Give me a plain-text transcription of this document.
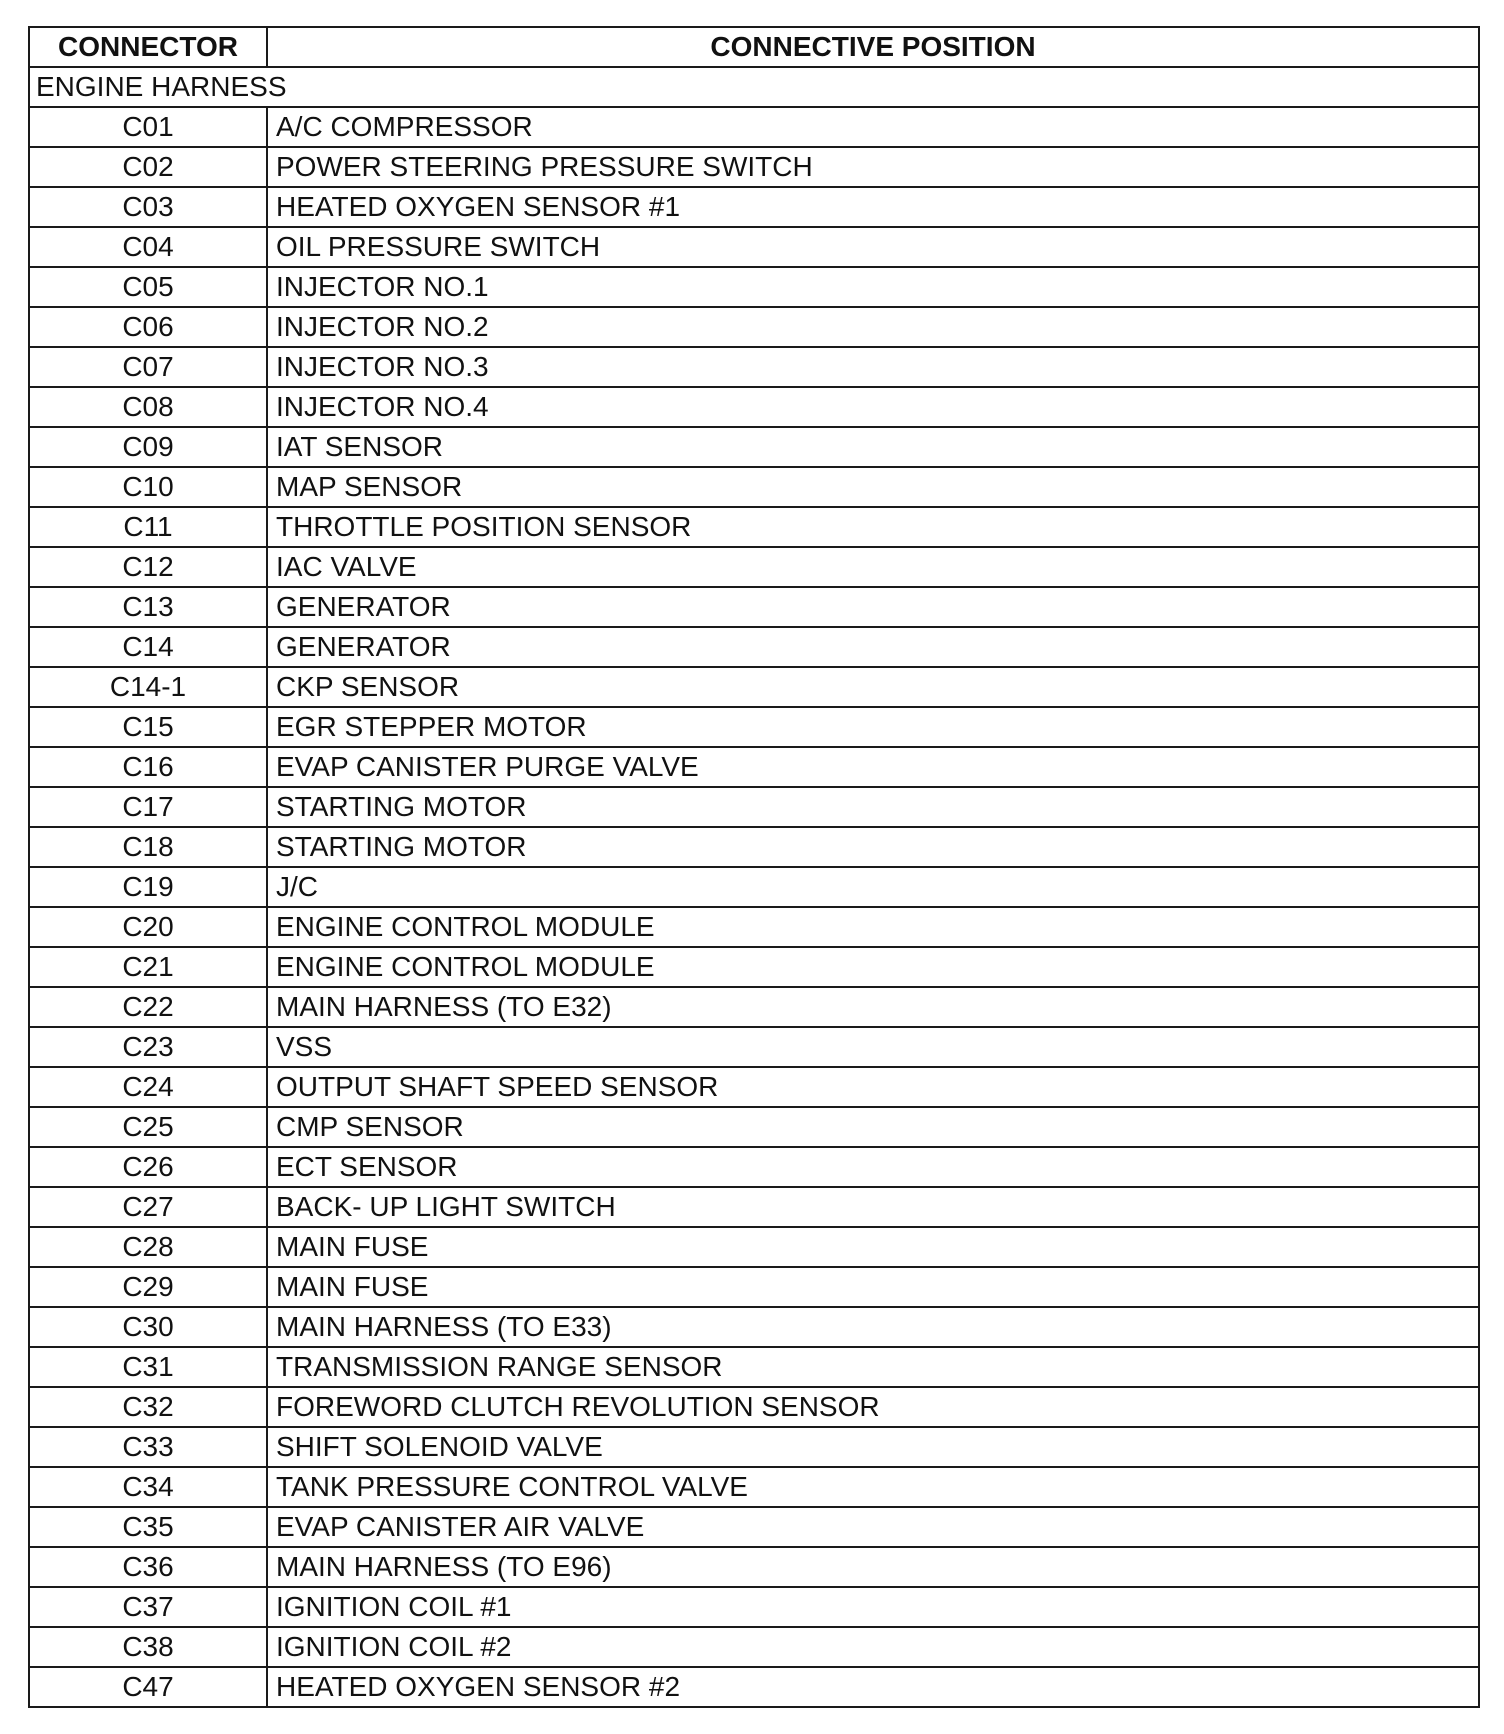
CONNECTOR	CONNECTIVE POSITION
ENGINE HARNESS	
C01	A/C COMPRESSOR
C02	POWER STEERING PRESSURE SWITCH
C03	HEATED OXYGEN SENSOR #1
C04	OIL PRESSURE SWITCH
C05	INJECTOR NO.1
C06	INJECTOR NO.2
C07	INJECTOR NO.3
C08	INJECTOR NO.4
C09	IAT SENSOR
C10	MAP SENSOR
C11	THROTTLE POSITION SENSOR
C12	IAC VALVE
C13	GENERATOR
C14	GENERATOR
C14-1	CKP SENSOR
C15	EGR STEPPER MOTOR
C16	EVAP CANISTER PURGE VALVE
C17	STARTING MOTOR
C18	STARTING MOTOR
C19	J/C
C20	ENGINE CONTROL MODULE
C21	ENGINE CONTROL MODULE
C22	MAIN HARNESS (TO E32)
C23	VSS
C24	OUTPUT SHAFT SPEED SENSOR
C25	CMP SENSOR
C26	ECT SENSOR
C27	BACK- UP LIGHT SWITCH
C28	MAIN FUSE
C29	MAIN FUSE
C30	MAIN HARNESS (TO E33)
C31	TRANSMISSION RANGE SENSOR
C32	FOREWORD CLUTCH REVOLUTION SENSOR
C33	SHIFT SOLENOID VALVE
C34	TANK PRESSURE CONTROL VALVE
C35	EVAP CANISTER AIR VALVE
C36	MAIN HARNESS (TO E96)
C37	IGNITION COIL #1
C38	IGNITION COIL #2
C47	HEATED OXYGEN SENSOR #2
